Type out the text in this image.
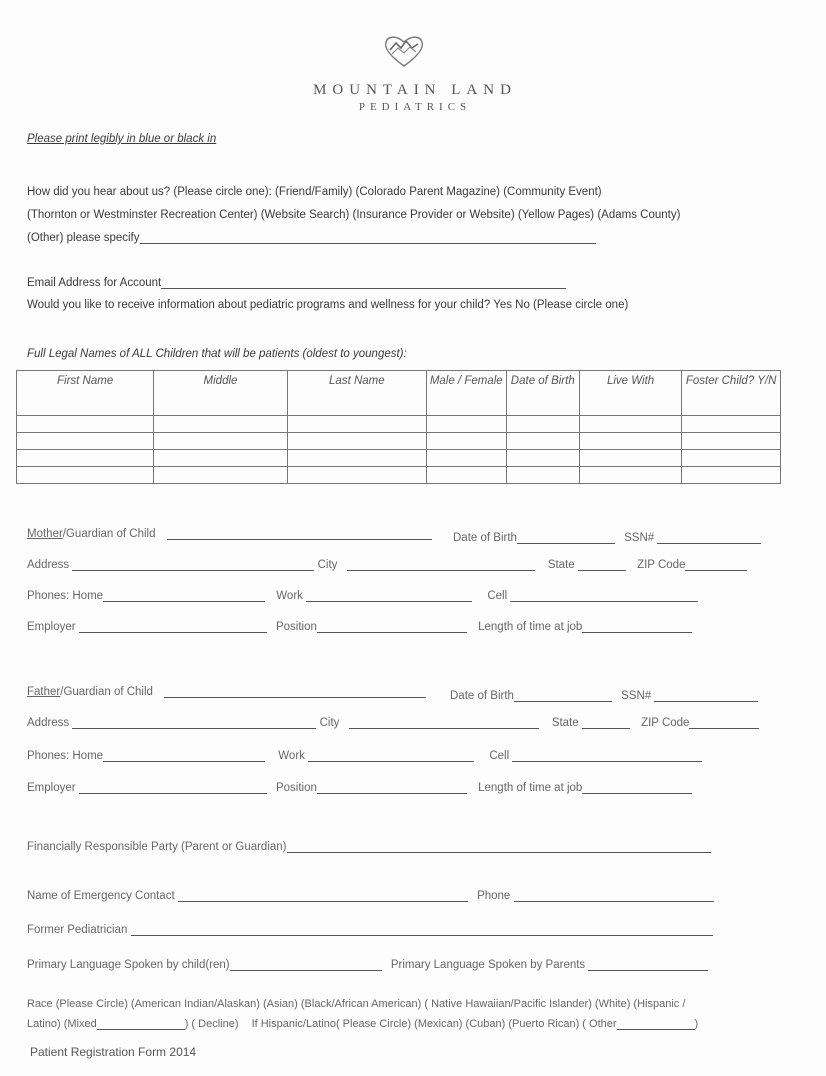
MOUNTAIN LAND
PEDIATRICS
Please print legibly in blue or black in
How did you hear about us? (Please circle one): (Friend/Family) (Colorado Parent Magazine) (Community Event)
(Thornton or Westminster Recreation Center) (Website Search) (Insurance Provider or Website) (Yellow Pages) (Adams County)
(Other) please specify
Email Address for Account
Would you like to receive information about pediatric programs and wellness for your child? Yes No (Please circle one)
Full Legal Names of ALL Children that will be patients (oldest to youngest):
First Name	Middle	Last Name	Male / Female	Date of Birth	Live With	Foster Child? Y/N

Mother/Guardian of Child	Date of Birth	SSN#
Address	City	State	ZIP Code
Phones: Home	Work	Cell
Employer	Position	Length of time at job
Father/Guardian of Child	Date of Birth	SSN#
Address	City	State	ZIP Code
Phones: Home	Work	Cell
Employer	Position	Length of time at job
Financially Responsible Party (Parent or Guardian)
Name of Emergency Contact	Phone
Former Pediatrician
Primary Language Spoken by child(ren)	Primary Language Spoken by Parents
Race (Please Circle) (American Indian/Alaskan) (Asian) (Black/African American) ( Native Hawaiian/Pacific Islander) (White) (Hispanic /
Latino) (Mixed	) ( Decline) If Hispanic/Latino( Please Circle) (Mexican) (Cuban) (Puerto Rican) ( Other	)
Patient Registration Form 2014
